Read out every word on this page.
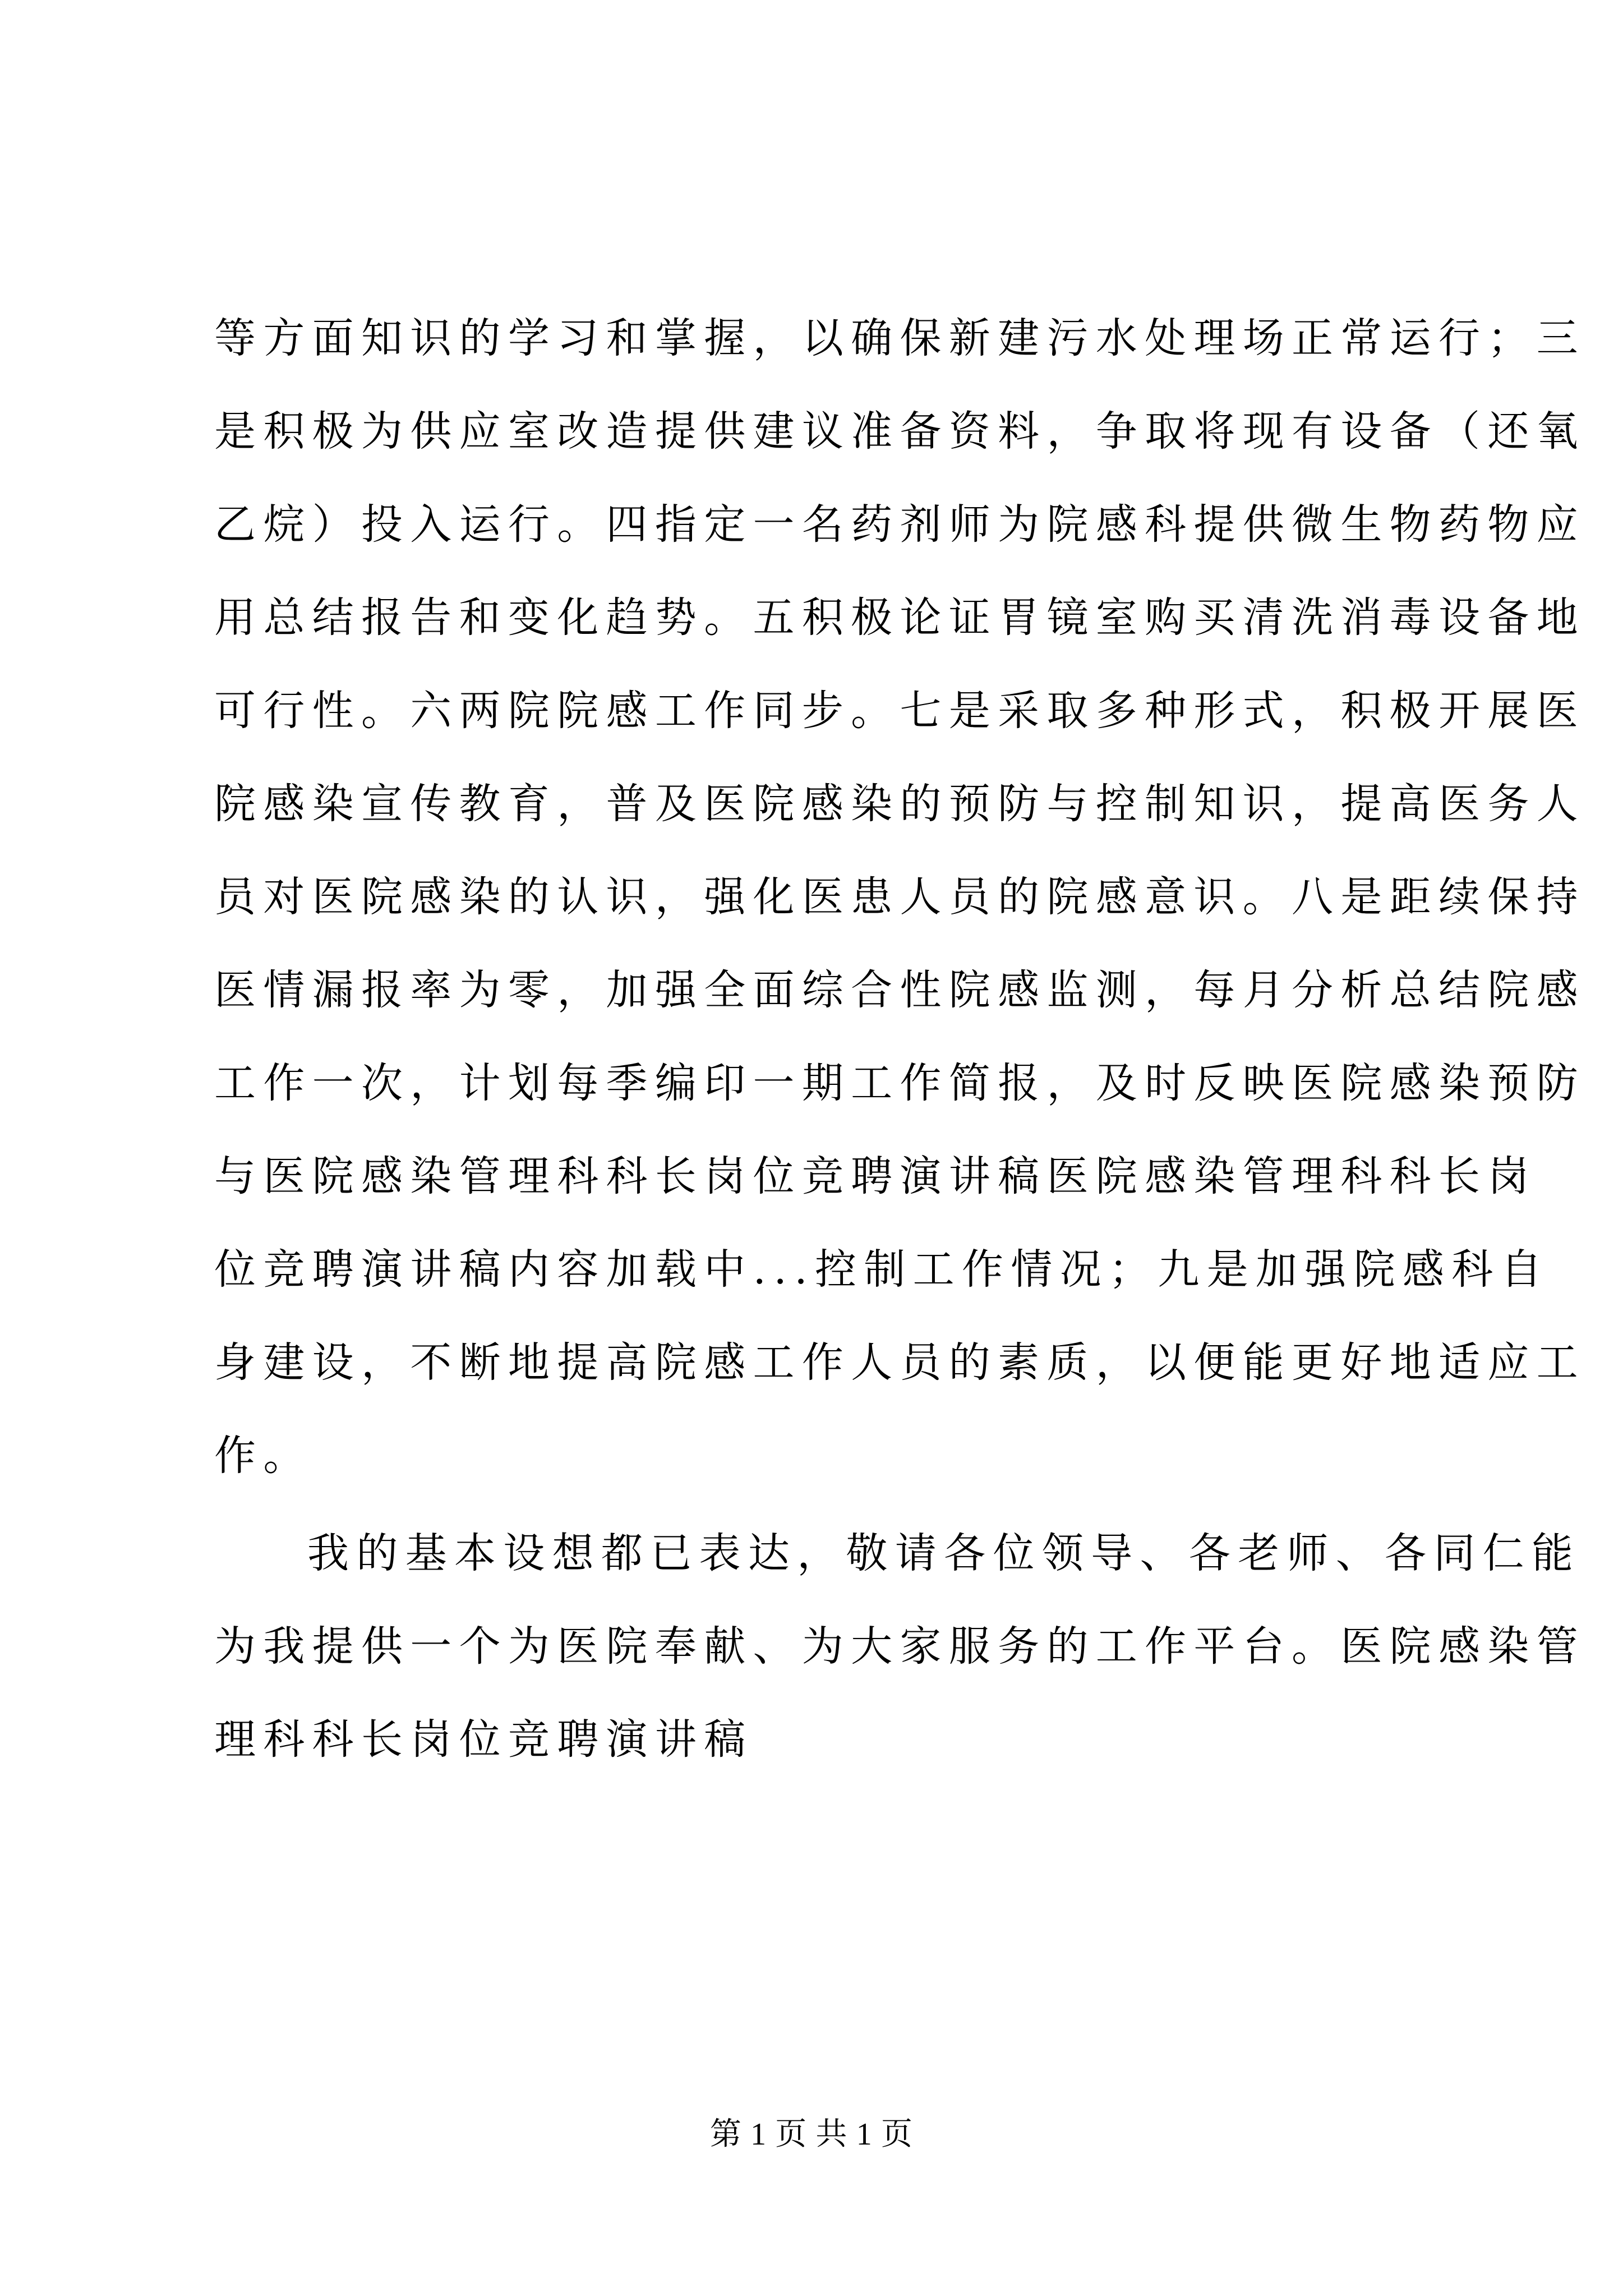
等方面知识的学习和掌握，以确保新建污水处理场正常运行；三
是积极为供应室改造提供建议准备资料，争取将现有设备（还氧
乙烷）投入运行。四指定一名药剂师为院感科提供微生物药物应
用总结报告和变化趋势。五积极论证胃镜室购买清洗消毒设备地
可行性。六两院院感工作同步。七是采取多种形式，积极开展医
院感染宣传教育，普及医院感染的预防与控制知识，提高医务人
员对医院感染的认识，强化医患人员的院感意识。八是距续保持
医情漏报率为零，加强全面综合性院感监测，每月分析总结院感
工作一次，计划每季编印一期工作简报，及时反映医院感染预防
与医院感染管理科科长岗位竞聘演讲稿医院感染管理科科长岗
位竞聘演讲稿内容加载中...控制工作情况；九是加强院感科自
身建设，不断地提高院感工作人员的素质，以便能更好地适应工
作。
我的基本设想都已表达，敬请各位领导、各老师、各同仁能
为我提供一个为医院奉献、为大家服务的工作平台。医院感染管
理科科长岗位竞聘演讲稿
第 1 页 共 1 页
